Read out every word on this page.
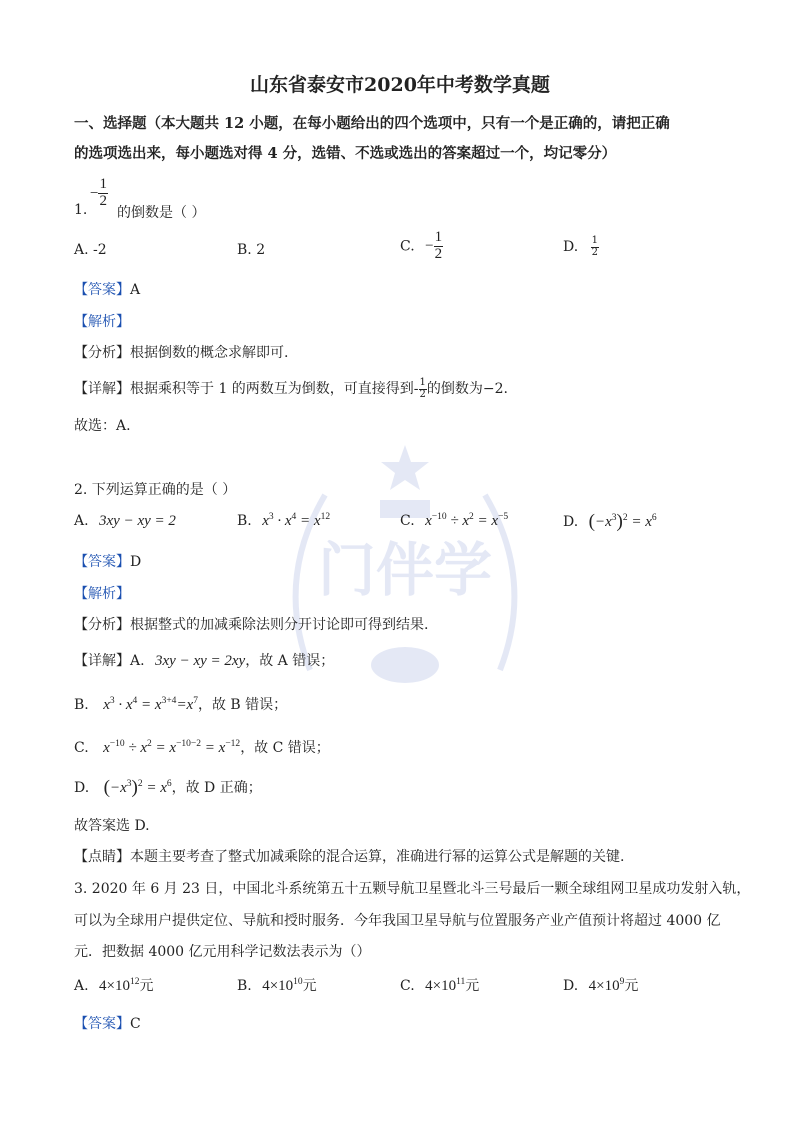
门伴学
山东省泰安市2020年中考数学真题
一、选择题（本大题共 12 小题，在每小题给出的四个选项中，只有一个是正确的，请把正确
的选项选出来，每小题选对得 4 分，选错、不选或选出的答案超过一个，均记零分）
− $\frac{1}{2}$
1. 的倒数是（ ）
A. -2	B. 2	C. − $\frac{1}{2}$	D. $\frac{1}{2}$
【答案】A
【解析】
【分析】根据倒数的概念求解即可.
【详解】根据乘积等于 1 的两数互为倒数，可直接得到- $\frac{1}{2}$ 的倒数为−2.
故选：A.
2. 下列运算正确的是（ ）
A. 3xy − xy = 2	B. $x^3 \cdot x^4 = x^{12}$	C. $x^{-10} \div x^2 = x^{-5}$	D. $(-x^3)^2 = x^6$
【答案】D
【解析】
【分析】根据整式的加减乘除法则分开讨论即可得到结果.
【详解】A. 3xy − xy = 2xy，故 A 错误；
B. $x^3 \cdot x^4 = x^{3+4}=x^7$，故 B 错误；
C. $x^{-10} \div x^2 = x^{-10-2} = x^{-12}$，故 C 错误；
D. $(-x^3)^2 = x^6$，故 D 正确；
故答案选 D.
【点睛】本题主要考查了整式加减乘除的混合运算，准确进行幂的运算公式是解题的关键.
3. 2020 年 6 月 23 日，中国北斗系统第五十五颗导航卫星暨北斗三号最后一颗全球组网卫星成功发射入轨，
可以为全球用户提供定位、导航和授时服务．今年我国卫星导航与位置服务产业产值预计将超过 4000 亿
元．把数据 4000 亿元用科学记数法表示为（）
A. $4\times 10^{12}$元	B. $4\times 10^{10}$元	C. $4\times 10^{11}$元	D. $4\times 10^9$元
【答案】C
